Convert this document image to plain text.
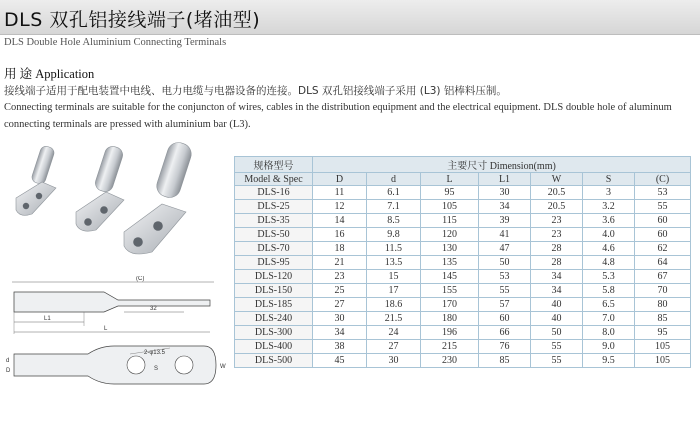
DLS 双孔铝接线端子(堵油型)
DLS Double Hole Aluminium Connecting Terminals
用 途 Application
接线端子适用于配电装置中电线、电力电缆与电器设备的连接。DLS 双孔铝接线端子采用 (L3) 铝棒料压制。
Connecting terminals are suitable for the conjuncton of wires, cables in the distribution equipment and the electrical equipment. DLS double hole of aluminum connecting terminals are pressed with aluminium bar (L3).
(C)
L1
32
L
d
D
2-φ13.5
S	W
规格型号	主要尺寸 Dimension(mm)						
Model & Spec	D	d	L	L1	W	S	(C)
DLS-16	11	6.1	95	30	20.5	3	53
DLS-25	12	7.1	105	34	20.5	3.2	55
DLS-35	14	8.5	115	39	23	3.6	60
DLS-50	16	9.8	120	41	23	4.0	60
DLS-70	18	11.5	130	47	28	4.6	62
DLS-95	21	13.5	135	50	28	4.8	64
DLS-120	23	15	145	53	34	5.3	67
DLS-150	25	17	155	55	34	5.8	70
DLS-185	27	18.6	170	57	40	6.5	80
DLS-240	30	21.5	180	60	40	7.0	85
DLS-300	34	24	196	66	50	8.0	95
DLS-400	38	27	215	76	55	9.0	105
DLS-500	45	30	230	85	55	9.5	105
